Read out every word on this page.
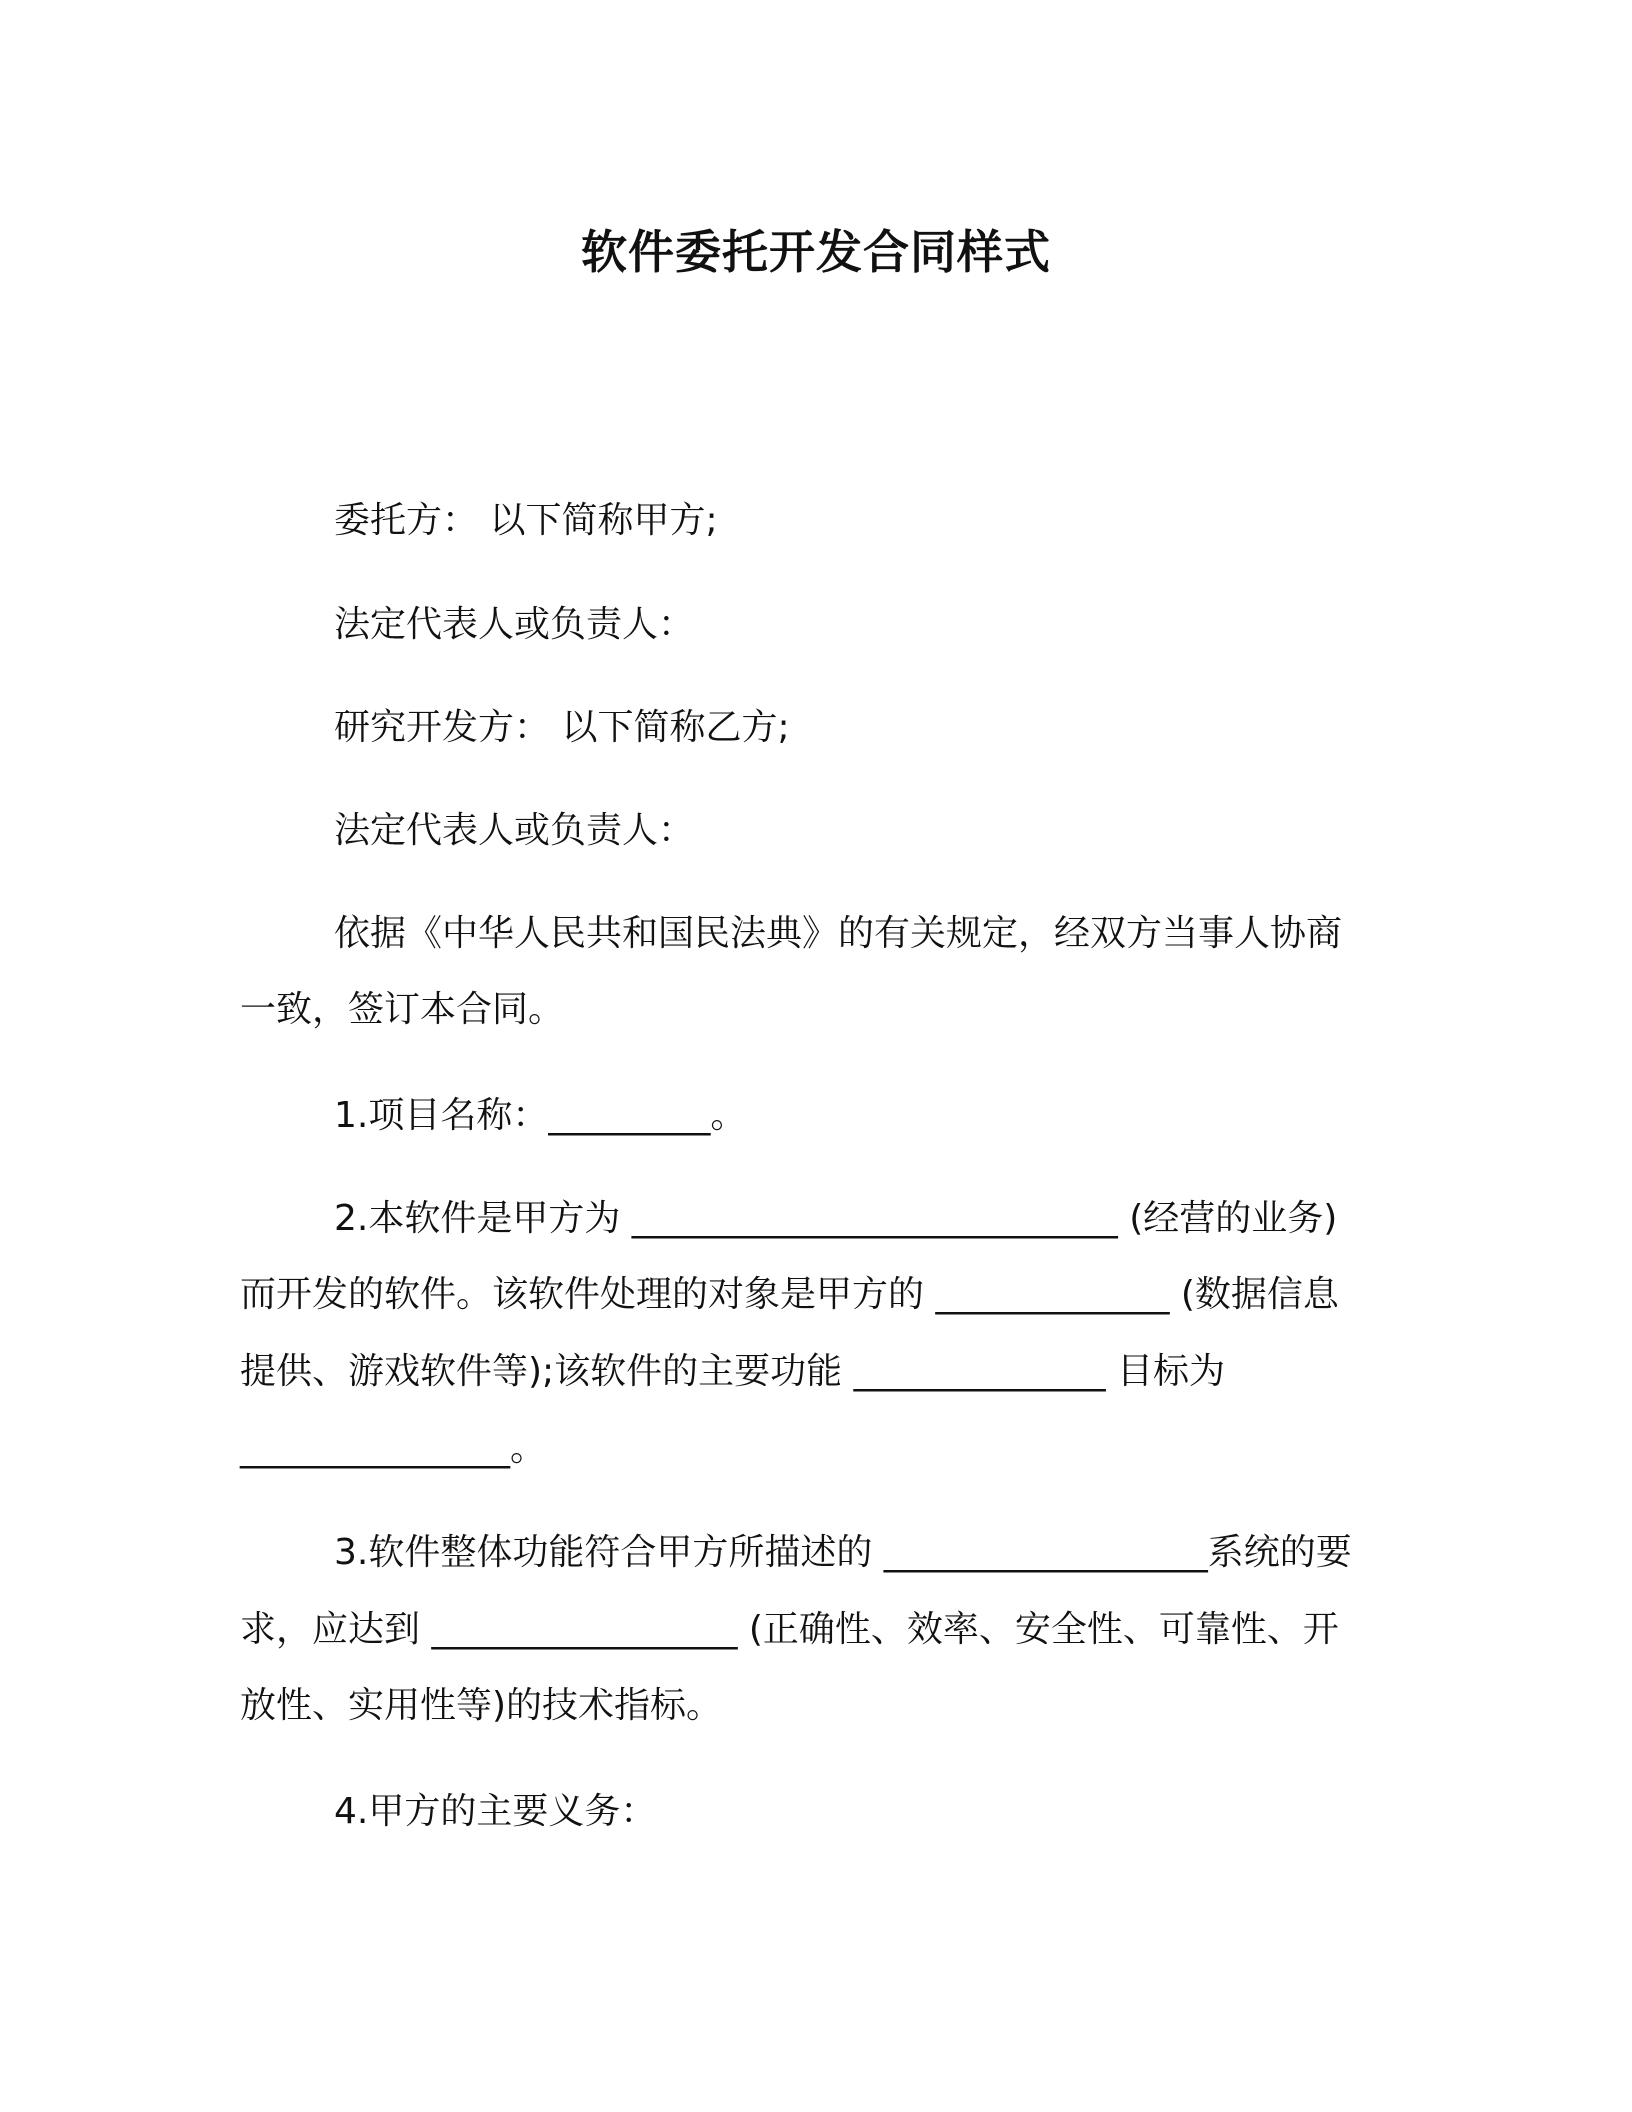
软件委托开发合同样式
委托方： 以下简称甲方;
法定代表人或负责人：
研究开发方： 以下简称乙方;
法定代表人或负责人：
依据《中华人民共和国民法典》的有关规定，经双方当事人协商
一致，签订本合同。
1.项目名称：_________。
2.本软件是甲方为 ___________________________ (经营的业务)
而开发的软件。该软件处理的对象是甲方的 _____________ (数据信息
提供、游戏软件等);该软件的主要功能 ______________ 目标为
_______________。
3.软件整体功能符合甲方所描述的 __________________系统的要
求，应达到 _________________ (正确性、效率、安全性、可靠性、开
放性、实用性等)的技术指标。
4.甲方的主要义务：
